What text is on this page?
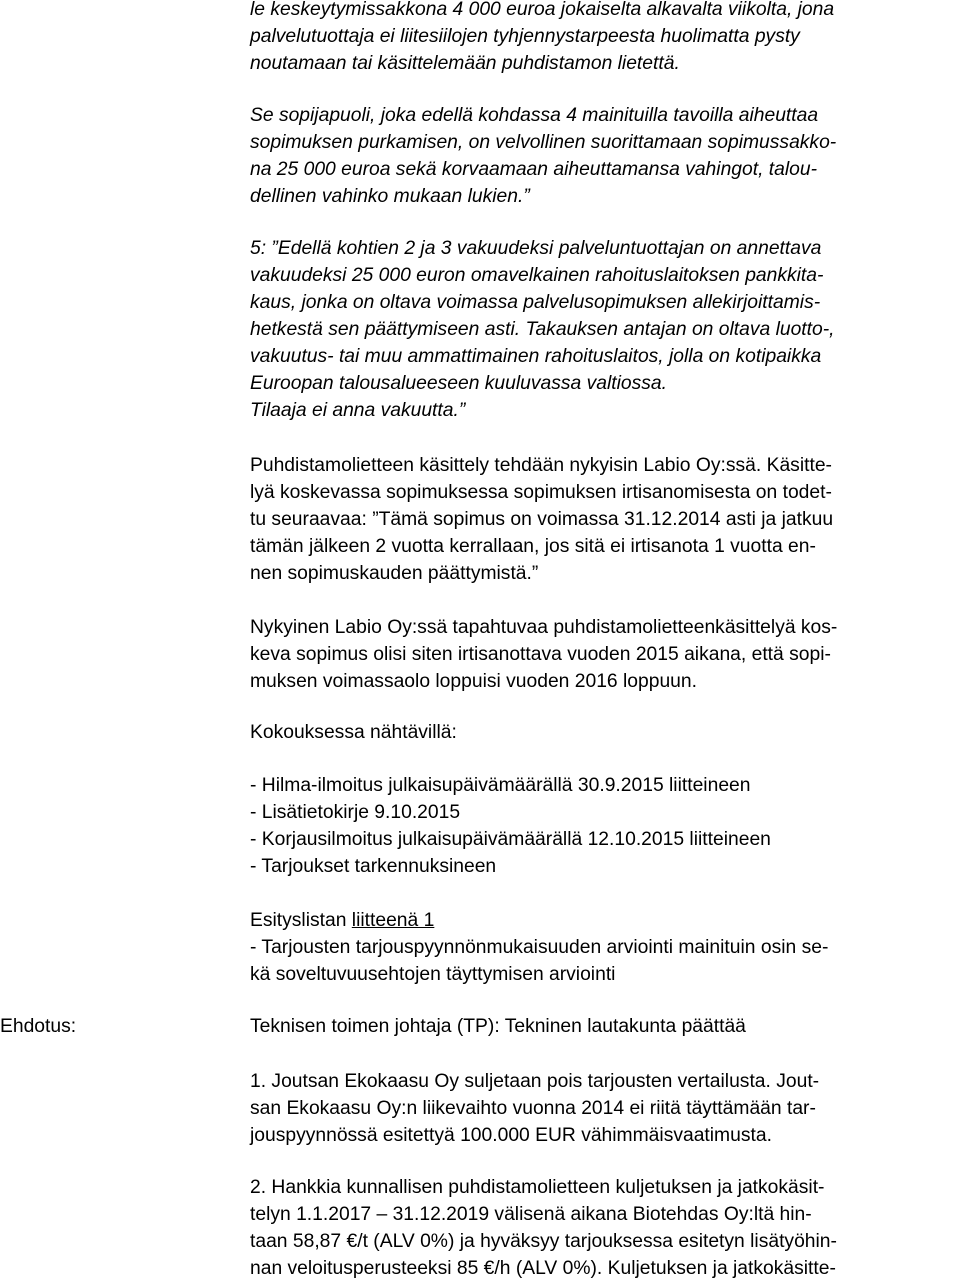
Ehdotus:
le keskeytymissakkona 4 000 euroa jokaiselta alkavalta viikolta, jona
palvelutuottaja ei liitesiilojen tyhjennystarpeesta huolimatta pysty
noutamaan tai käsittelemään puhdistamon lietettä.
Se sopijapuoli, joka edellä kohdassa 4 mainituilla tavoilla aiheuttaa
sopimuksen purkamisen, on velvollinen suorittamaan sopimussakko-
na 25 000 euroa sekä korvaamaan aiheuttamansa vahingot, talou-
dellinen vahinko mukaan lukien.”
5: ”Edellä kohtien 2 ja 3 vakuudeksi palveluntuottajan on annettava
vakuudeksi 25 000 euron omavelkainen rahoituslaitoksen pankkita-
kaus, jonka on oltava voimassa palvelusopimuksen allekirjoittamis-
hetkestä sen päättymiseen asti. Takauksen antajan on oltava luotto-,
vakuutus- tai muu ammattimainen rahoituslaitos, jolla on kotipaikka
Euroopan talousalueeseen kuuluvassa valtiossa.
Tilaaja ei anna vakuutta.”
Puhdistamolietteen käsittely tehdään nykyisin Labio Oy:ssä. Käsitte-
lyä koskevassa sopimuksessa sopimuksen irtisanomisesta on todet-
tu seuraavaa: ”Tämä sopimus on voimassa 31.12.2014 asti ja jatkuu
tämän jälkeen 2 vuotta kerrallaan, jos sitä ei irtisanota 1 vuotta en-
nen sopimuskauden päättymistä.”
Nykyinen Labio Oy:ssä tapahtuvaa puhdistamolietteenkäsittelyä kos-
keva sopimus olisi siten irtisanottava vuoden 2015 aikana, että sopi-
muksen voimassaolo loppuisi vuoden 2016 loppuun.
Kokouksessa nähtävillä:
- Hilma-ilmoitus julkaisupäivämäärällä 30.9.2015 liitteineen
- Lisätietokirje 9.10.2015
- Korjausilmoitus julkaisupäivämäärällä 12.10.2015 liitteineen
- Tarjoukset tarkennuksineen
Esityslistan liitteenä 1
- Tarjousten tarjouspyynnönmukaisuuden arviointi mainituin osin se-
kä soveltuvuusehtojen täyttymisen arviointi
Teknisen toimen johtaja (TP): Tekninen lautakunta päättää
1. Joutsan Ekokaasu Oy suljetaan pois tarjousten vertailusta. Jout-
san Ekokaasu Oy:n liikevaihto vuonna 2014 ei riitä täyttämään tar-
jouspyynnössä esitettyä 100.000 EUR vähimmäisvaatimusta.
2. Hankkia kunnallisen puhdistamolietteen kuljetuksen ja jatkokäsit-
telyn 1.1.2017 – 31.12.2019 välisenä aikana Biotehdas Oy:ltä hin-
taan 58,87 €/t (ALV 0%) ja hyväksyy tarjouksessa esitetyn lisätyöhin-
nan veloitusperusteeksi 85 €/h (ALV 0%). Kuljetuksen ja jatkokäsitte-
